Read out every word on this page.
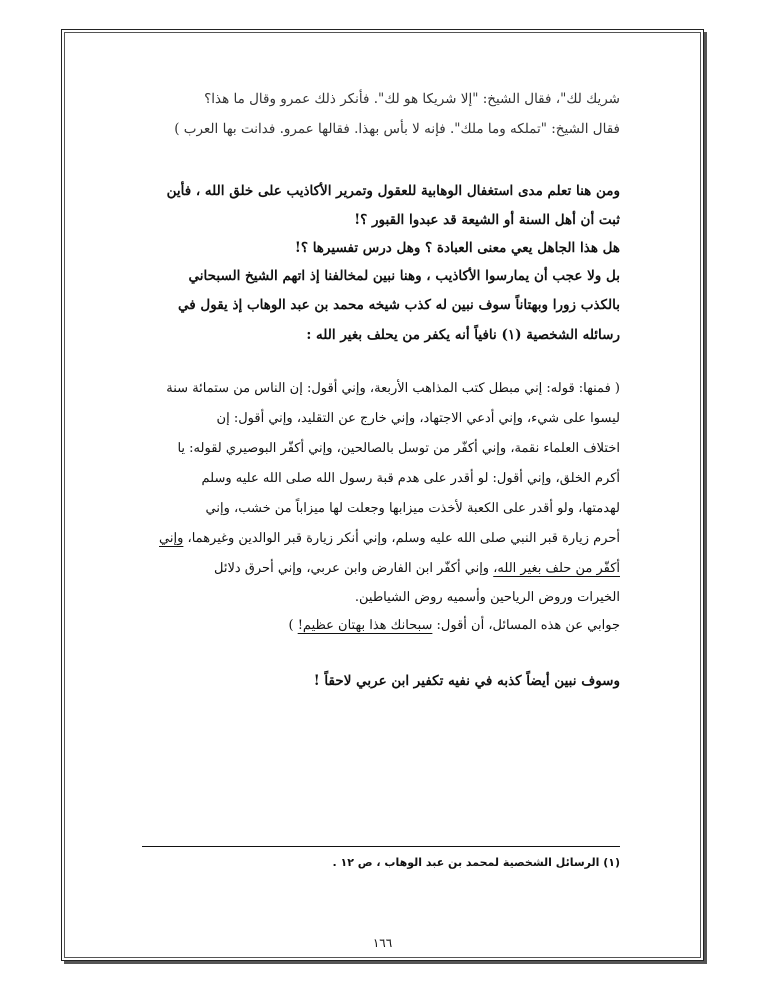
شريك لك"، فقال الشيخ: "إلا شريكا هو لك". فأنكر ذلك عمرو وقال ما هذا؟
فقال الشيخ: "تملكه وما ملك". فإنه لا بأس بهذا. فقالها عمرو. فدانت بها العرب )
ومن هنا تعلم مدى استغفال الوهابية للعقول وتمرير الأكاذيب على خلق الله ، فأين
ثبت أن أهل السنة أو الشيعة قد عبدوا القبور ؟!
هل هذا الجاهل يعي معنى العبادة ؟ وهل درس تفسيرها ؟!
بل ولا عجب أن يمارسوا الأكاذيب ، وهنا نبين لمخالفنا إذ اتهم الشيخ السبحاني
بالكذب زورا وبهتاناً سوف نبين له كذب شيخه محمد بن عبد الوهاب إذ يقول في
رسائله الشخصية (١) نافياً أنه يكفر من يحلف بغير الله :
( فمنها: قوله: إني مبطل كتب المذاهب الأربعة، وإني أقول: إن الناس من ستمائة سنة
ليسوا على شيء، وإني أدعي الاجتهاد، وإني خارج عن التقليد، وإني أقول: إن
اختلاف العلماء نقمة، وإني أكفّر من توسل بالصالحين، وإني أكفّر البوصيري لقوله: يا
أكرم الخلق، وإني أقول: لو أقدر على هدم قبة رسول الله صلى الله عليه وسلم
لهدمتها، ولو أقدر على الكعبة لأخذت ميزابها وجعلت لها ميزاباً من خشب، وإني
أحرم زيارة قبر النبي صلى الله عليه وسلم، وإني أنكر زيارة قبر الوالدين وغيرهما، وإني
أكفّر من حلف بغير الله، وإني أكفّر ابن الفارض وابن عربي، وإني أحرق دلائل
الخيرات وروض الرياحين وأسميه روض الشياطين.
جوابي عن هذه المسائل، أن أقول: سبحانك هذا بهتان عظيم! )
وسوف نبين أيضاً كذبه في نفيه تكفير ابن عربي لاحقاً !
(١) الرسائل الشخصية لمحمد بن عبد الوهاب ، ص ١٢ .
١٦٦
